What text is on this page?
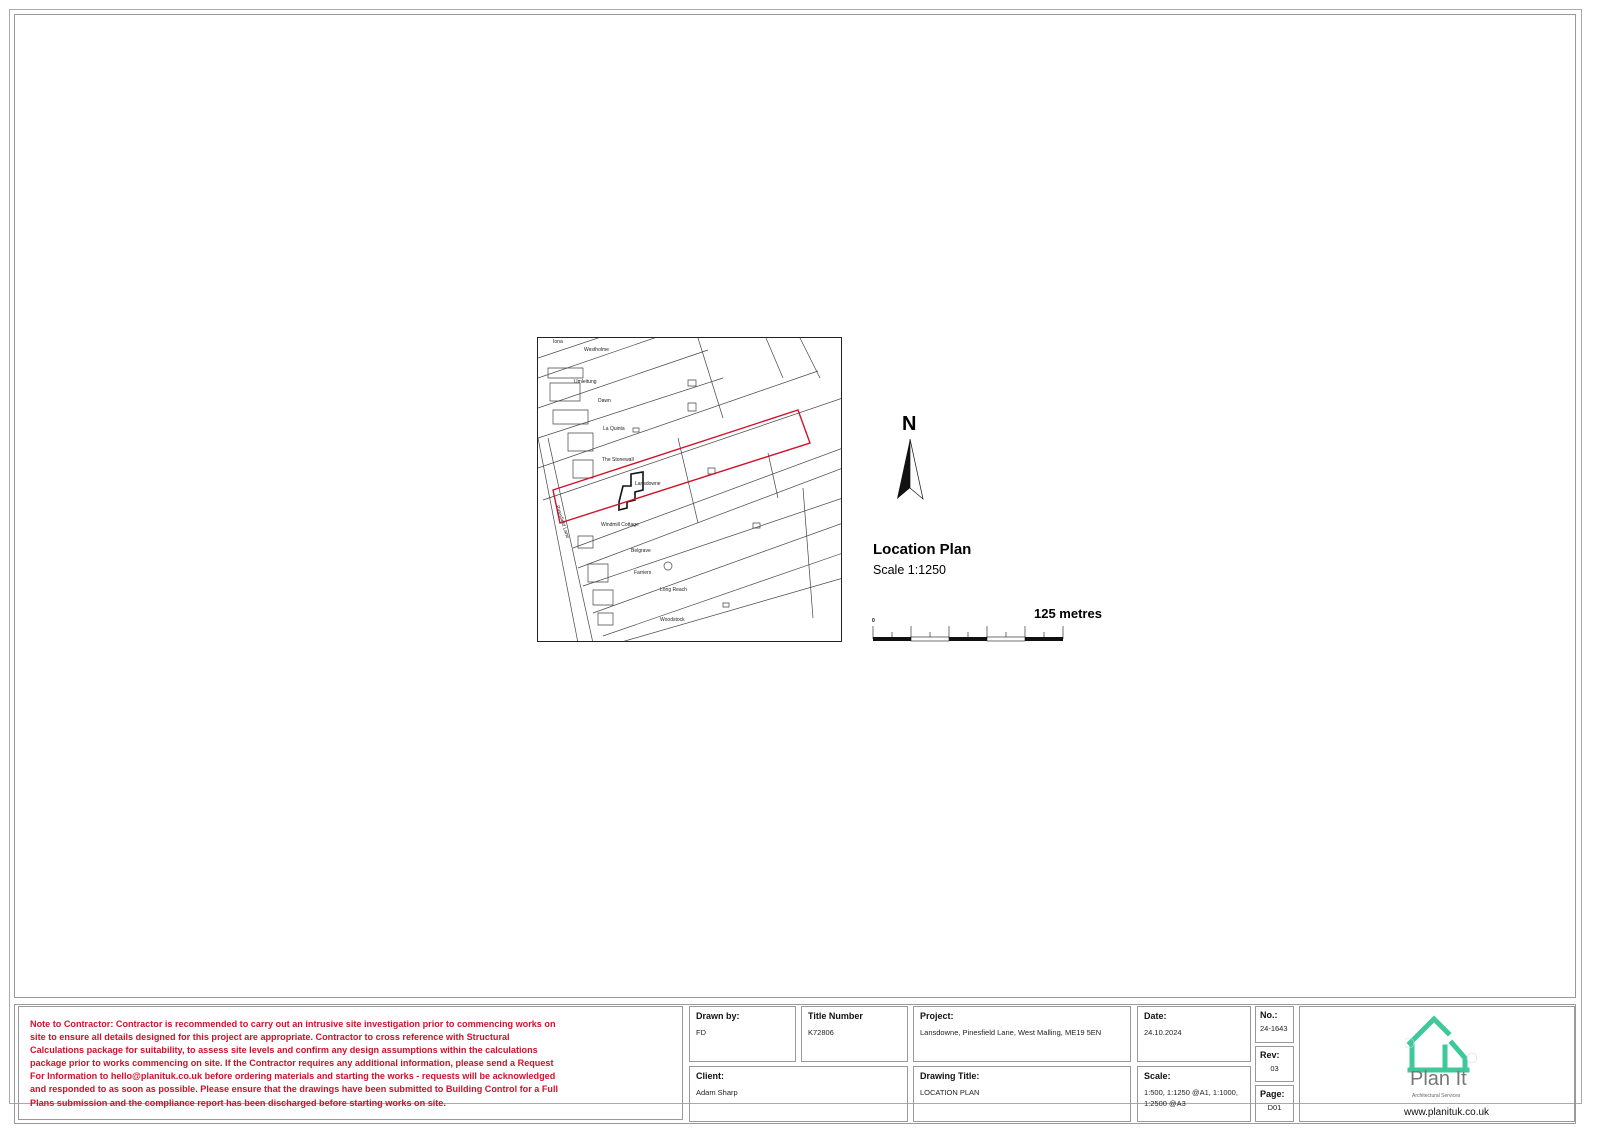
Iona
Westholme
Umleitung
Dawn
La Quinta
The Stonewall
Lansdowne
Windmill Cottage
Belgrave
Farriers
Long Reach
Woodstock
Pinesfield Lane
N
Location Plan
Scale 1:1250
0	125 metres
Note to Contractor: Contractor is recommended to carry out an intrusive site investigation prior to commencing works on site to ensure all details designed for this project are appropriate. Contractor to cross reference with Structural Calculations package for suitability, to assess site levels and confirm any design assumptions within the calculations package prior to works commencing on site. If the Contractor requires any additional information, please send a Request For Information to hello@planituk.co.uk before ordering materials and starting the works - requests will be acknowledged and responded to as soon as possible. Please ensure that the drawings have been submitted to Building Control for a Full Plans submission and the compliance report has been discharged before starting works on site.
Drawn by:
FD
Title Number
K72806
Project:
Lansdowne, Pinesfield Lane, West Malling, ME19 5EN
Date:
24.10.2024
No.:
24-1643
Client:
Adam Sharp
Drawing Title:
LOCATION PLAN
Scale:
1:500, 1:1250 @A1, 1:1000, 1:2500 @A3
Rev:
03
Page:
D01
Plan It
Architectural Services
www.planituk.co.uk
